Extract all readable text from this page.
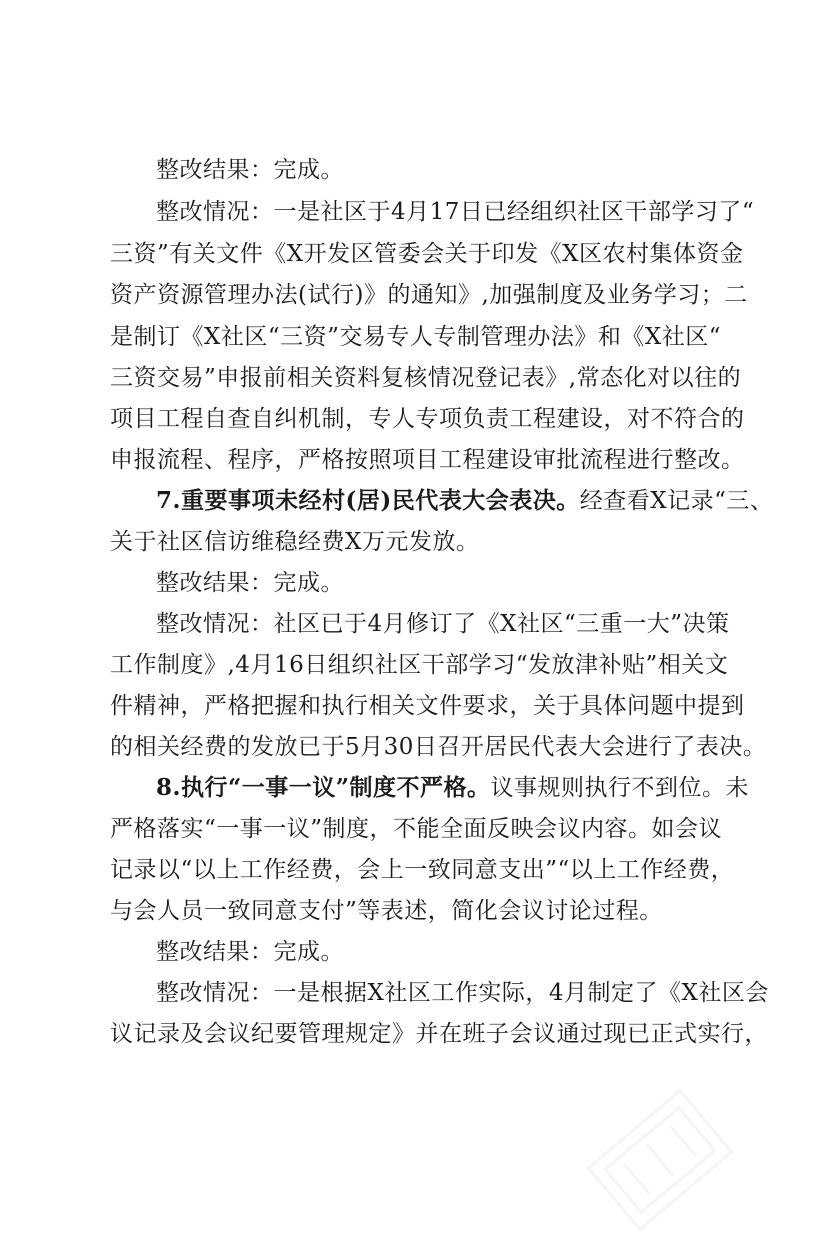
整改结果：完成。
整改情况：一是社区于4月17日已经组织社区干部学习了“
三资”有关文件《X开发区管委会关于印发《X区农村集体资金
资产资源管理办法(试行)》的通知》,加强制度及业务学习；二
是制订《X社区“三资”交易专人专制管理办法》和《X社区“
三资交易”申报前相关资料复核情况登记表》,常态化对以往的
项目工程自查自纠机制，专人专项负责工程建设，对不符合的
申报流程、程序，严格按照项目工程建设审批流程进行整改。
7.重要事项未经村(居)民代表大会表决。经查看X记录“三、
关于社区信访维稳经费X万元发放。
整改结果：完成。
整改情况：社区已于4月修订了《X社区“三重一大”决策
工作制度》,4月16日组织社区干部学习“发放津补贴”相关文
件精神，严格把握和执行相关文件要求，关于具体问题中提到
的相关经费的发放已于5月30日召开居民代表大会进行了表决。
8.执行“一事一议”制度不严格。议事规则执行不到位。未
严格落实“一事一议”制度，不能全面反映会议内容。如会议
记录以“以上工作经费，会上一致同意支出”“以上工作经费，
与会人员一致同意支付”等表述，简化会议讨论过程。
整改结果：完成。
整改情况：一是根据X社区工作实际，4月制定了《X社区会
议记录及会议纪要管理规定》并在班子会议通过现已正式实行，
